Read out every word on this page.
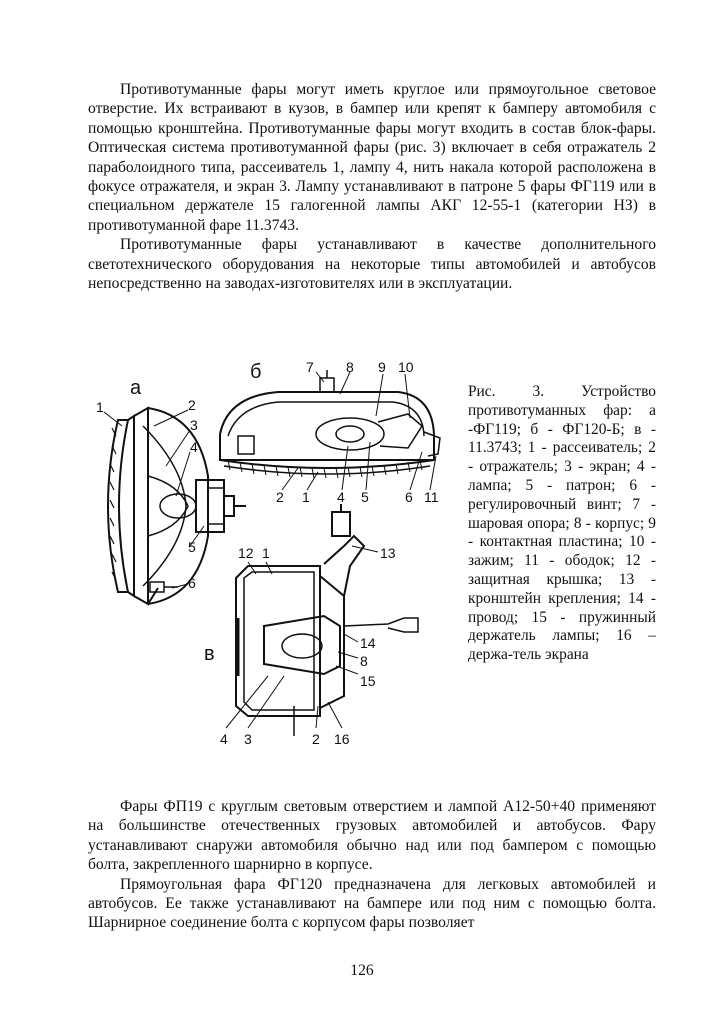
Противотуманные фары могут иметь круглое или прямоугольное световое отверстие. Их встраивают в кузов, в бампер или крепят к бамперу автомобиля с помощью кронштейна. Противотуманные фары могут входить в состав блок-фары. Оптическая система противотуманной фары (рис. 3) включает в себя отражатель 2 параболоидного типа, рассеиватель 1, лампу 4, нить накала которой расположена в фокусе отражателя, и экран 3. Лампу устанавливают в патроне 5 фары ФГ119 или в специальном держателе 15 галогенной лампы АКГ 12-55-1 (категории НЗ) в противотуманной фаре 11.3743.

Противотуманные фары устанавливают в качестве дополнительного светотехнического оборудования на некоторые типы автомобилей и автобусов непосредственно на заводах-изготовителях или в эксплуатации.

а
б
в
1	2
3
4
5
6
7 8 9 10
2 1 4 5	6 11
12 1	13
14
8
15
4 3	2 16
Рис. 3. Устройство противотуманных фар: а -ФГ119; б - ФГ120-Б; в - 11.3743; 1 - рассеиватель; 2 - отражатель; 3 - экран; 4 - лампа; 5 - патрон; 6 - регулировочный винт; 7 - шаровая опора; 8 - корпус; 9 - контактная пластина; 10 - зажим; 11 - ободок; 12 - защитная крышка; 13 - кронштейн крепления; 14 - провод; 15 - пружинный держатель лампы; 16 – держа-тель экрана

Фары ФП19 с круглым световым отверстием и лампой А12-50+40 применяют на большинстве отечественных грузовых автомобилей и автобусов. Фару устанавливают снаружи автомобиля обычно над или под бампером с помощью болта, закрепленного шарнирно в корпусе.

Прямоугольная фара ФГ120 предназначена для легковых автомобилей и автобусов. Ее также устанавливают на бампере или под ним с помощью болта. Шарнирное соединение болта с корпусом фары позволяет

126
